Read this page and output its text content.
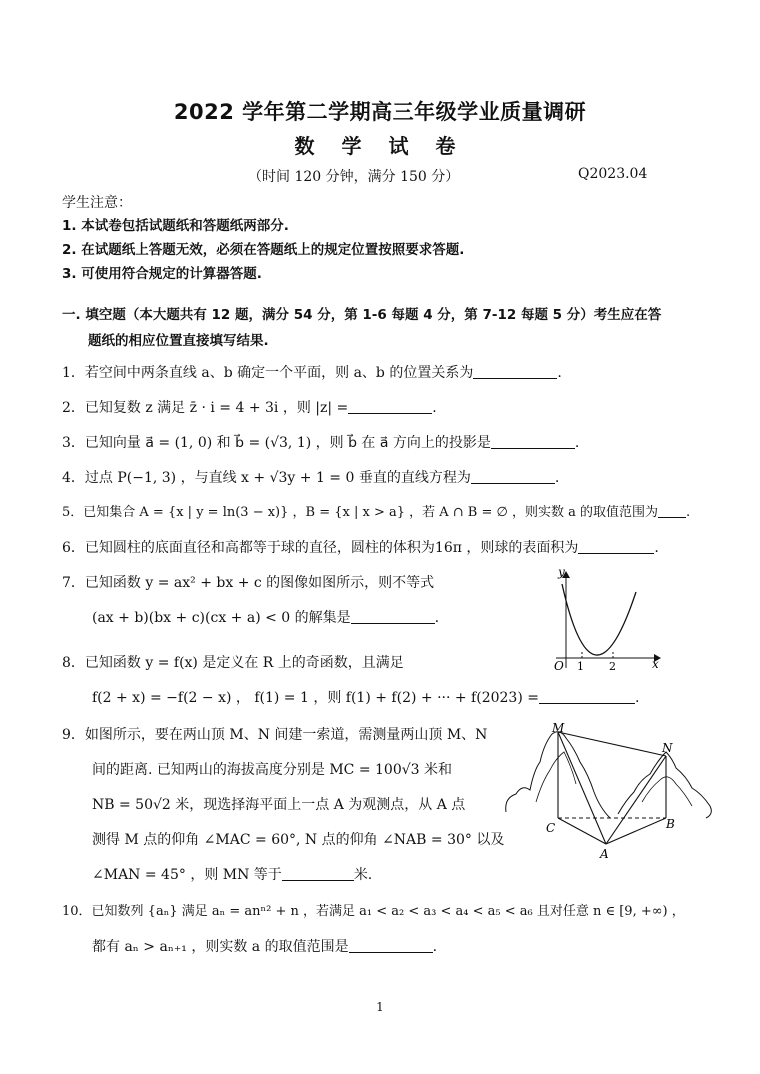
2022 学年第二学期高三年级学业质量调研
数 学 试 卷
（时间 120 分钟，满分 150 分）	Q2023.04
学生注意：
1. 本试卷包括试题纸和答题纸两部分.
2. 在试题纸上答题无效，必须在答题纸上的规定位置按照要求答题.
3. 可使用符合规定的计算器答题.
一. 填空题（本大题共有 12 题，满分 54 分，第 1-6 每题 4 分，第 7-12 每题 5 分）考生应在答
题纸的相应位置直接填写结果.
1．若空间中两条直线 a、b 确定一个平面，则 a、b 的位置关系为	.
2．已知复数 z 满足 z̄ · i = 4 + 3i ，则 |z| =	.
3．已知向量 a⃗ = (1, 0) 和 b⃗ = (√3, 1) ，则 b⃗ 在 a⃗ 方向上的投影是	.
4．过点 P(−1, 3) ，与直线 x + √3y + 1 = 0 垂直的直线方程为	.
5．已知集合 A = {x | y = ln(3 − x)} ，B = {x | x > a} ，若 A ∩ B = ∅ ，则实数 a 的取值范围为 .
6．已知圆柱的底面直径和高都等于球的直径，圆柱的体积为16π ，则球的表面积为	.
7．已知函数 y = ax² + bx + c 的图像如图所示，则不等式
(ax + b)(bx + c)(cx + a) < 0 的解集是	.
y
x
O 1 2
8．已知函数 y = f(x) 是定义在 R 上的奇函数，且满足
f(2 + x) = −f(2 − x) ， f(1) = 1 ，则 f(1) + f(2) + ··· + f(2023) =	.
9．如图所示，要在两山顶 M、N 间建一索道，需测量两山顶 M、N
间的距离. 已知两山的海拔高度分别是 MC = 100√3 米和
NB = 50√2 米，现选择海平面上一点 A 为观测点，从 A 点
测得 M 点的仰角 ∠MAC = 60°, N 点的仰角 ∠NAB = 30° 以及
∠MAN = 45° ，则 MN 等于	米.
M
N
C	B
A
10．已知数列 {aₙ} 满足 aₙ = anⁿ² + n ，若满足 a₁ < a₂ < a₃ < a₄ < a₅ < a₆ 且对任意 n ∈ [9, +∞) ，
都有 aₙ > aₙ₊₁ ，则实数 a 的取值范围是	.
1
